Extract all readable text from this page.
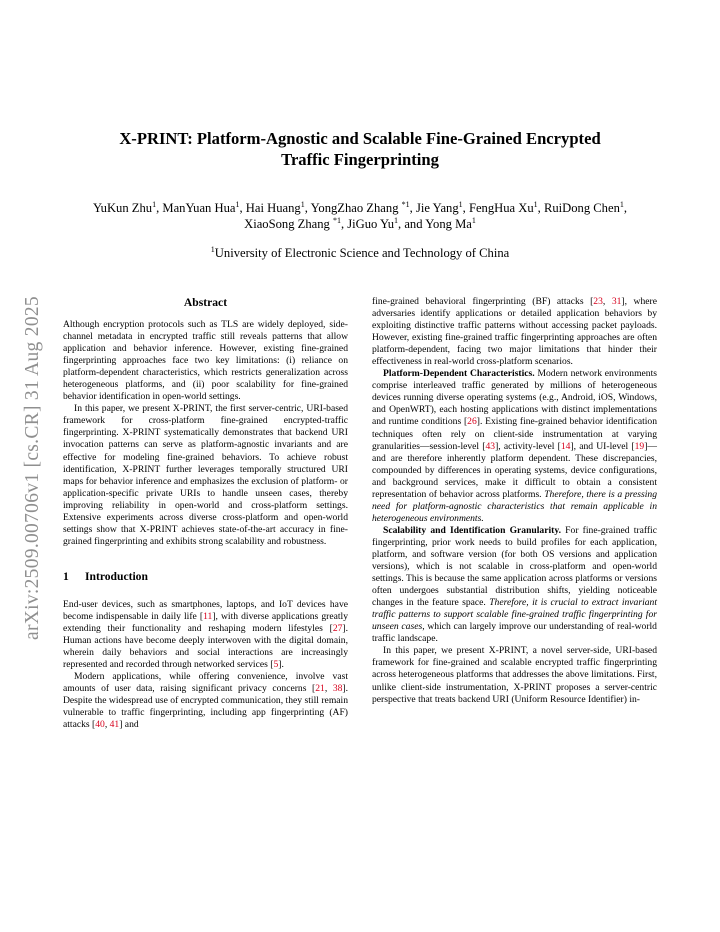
arXiv:2509.00706v1 [cs.CR] 31 Aug 2025
X-PRINT: Platform-Agnostic and Scalable Fine-Grained Encrypted
Traffic Fingerprinting
YuKun Zhu$^1$, ManYuan Hua$^1$, Hai Huang$^1$, YongZhao Zhang $^{*1}$, Jie Yang$^1$, FengHua Xu$^1$, RuiDong Chen$^1$, XiaoSong Zhang $^{*1}$, JiGuo Yu$^1$, and Yong Ma$^1$
$^1$University of Electronic Science and Technology of China
Abstract

Although encryption protocols such as TLS are widely deployed, side-channel metadata in encrypted traffic still reveals patterns that allow application and behavior inference. However, existing fine-grained fingerprinting approaches face two key limitations: (i) reliance on platform-dependent characteristics, which restricts generalization across heterogeneous platforms, and (ii) poor scalability for fine-grained behavior identification in open-world settings.

In this paper, we present X-PRINT, the first server-centric, URI-based framework for cross-platform fine-grained encrypted-traffic fingerprinting. X-PRINT systematically demonstrates that backend URI invocation patterns can serve as platform-agnostic invariants and are effective for modeling fine-grained behaviors. To achieve robust identification, X-PRINT further leverages temporally structured URI maps for behavior inference and emphasizes the exclusion of platform- or application-specific private URIs to handle unseen cases, thereby improving reliability in open-world and cross-platform settings. Extensive experiments across diverse cross-platform and open-world settings show that X-PRINT achieves state-of-the-art accuracy in fine-grained fingerprinting and exhibits strong scalability and robustness.

1 Introduction

End-user devices, such as smartphones, laptops, and IoT devices have become indispensable in daily life [11], with diverse applications greatly extending their functionality and reshaping modern lifestyles [27]. Human actions have become deeply interwoven with the digital domain, wherein daily behaviors and social interactions are increasingly represented and recorded through networked services [5].

Modern applications, while offering convenience, involve vast amounts of user data, raising significant privacy concerns [21, 38]. Despite the widespread use of encrypted communication, they still remain vulnerable to traffic fingerprinting, including app fingerprinting (AF) attacks [40, 41] and

fine-grained behavioral fingerprinting (BF) attacks [23, 31], where adversaries identify applications or detailed application behaviors by exploiting distinctive traffic patterns without accessing packet payloads. However, existing fine-grained traffic fingerprinting approaches are often platform-dependent, facing two major limitations that hinder their effectiveness in real-world cross-platform scenarios.

Platform-Dependent Characteristics. Modern network environments comprise interleaved traffic generated by millions of heterogeneous devices running diverse operating systems (e.g., Android, iOS, Windows, and OpenWRT), each hosting applications with distinct implementations and runtime conditions [26]. Existing fine-grained behavior identification techniques often rely on client-side instrumentation at varying granularities—session-level [43], activity-level [14], and UI-level [19]—and are therefore inherently platform dependent. These discrepancies, compounded by differences in operating systems, device configurations, and background services, make it difficult to obtain a consistent representation of behavior across platforms. Therefore, there is a pressing need for platform-agnostic characteristics that remain applicable in heterogeneous environments.

Scalability and Identification Granularity. For fine-grained traffic fingerprinting, prior work needs to build profiles for each application, platform, and software version (for both OS versions and application versions), which is not scalable in cross-platform and open-world settings. This is because the same application across platforms or versions often undergoes substantial distribution shifts, yielding noticeable changes in the feature space. Therefore, it is crucial to extract invariant traffic patterns to support scalable fine-grained traffic fingerprinting for unseen cases, which can largely improve our understanding of real-world traffic landscape.

In this paper, we present X-PRINT, a novel server-side, URI-based framework for fine-grained and scalable encrypted traffic fingerprinting across heterogeneous platforms that addresses the above limitations. First, unlike client-side instrumentation, X-PRINT proposes a server-centric perspective that treats backend URI (Uniform Resource Identifier) in-
